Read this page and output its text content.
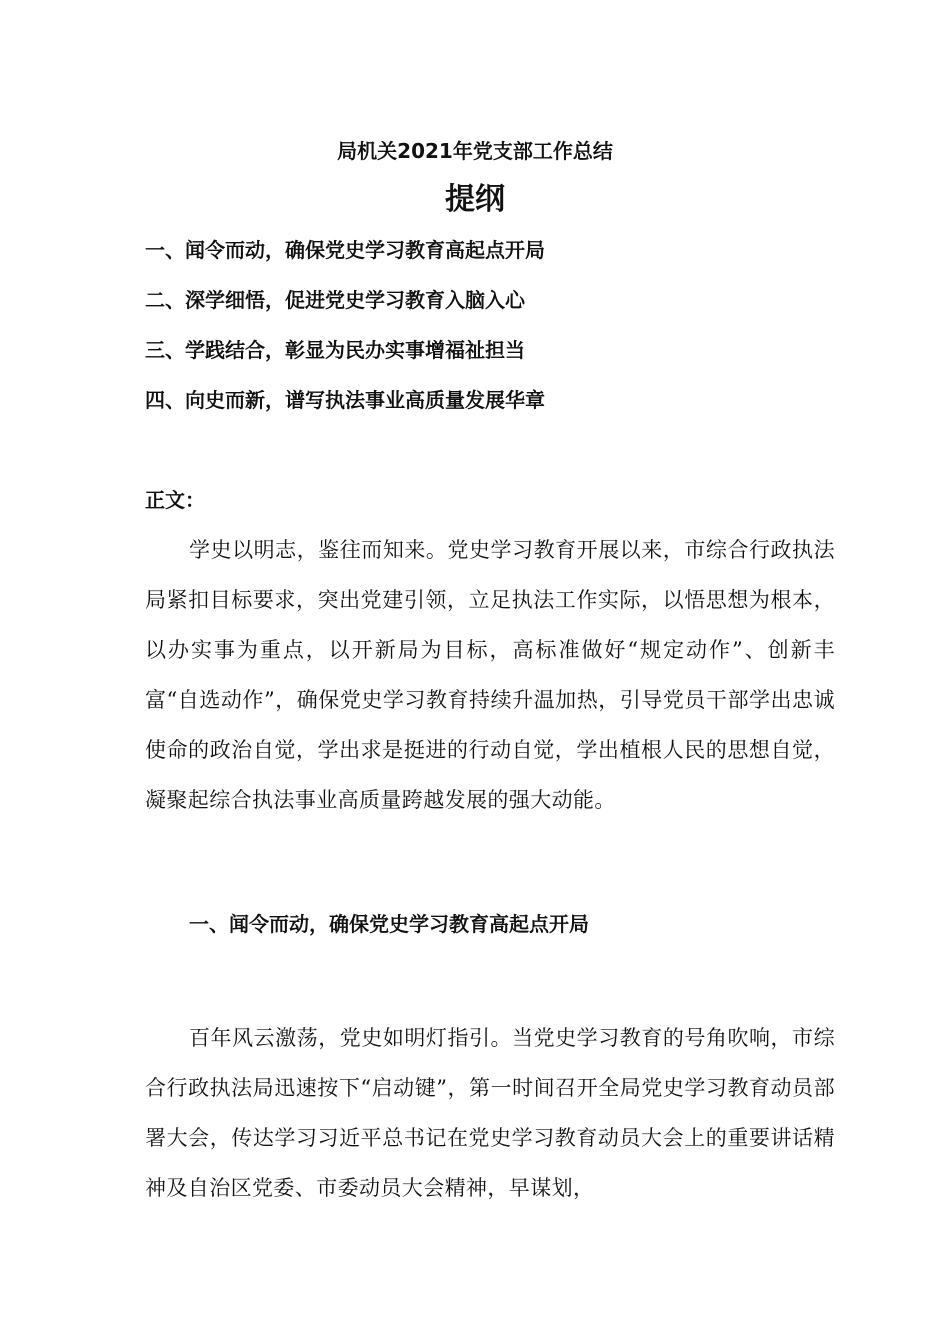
局机关2021年党支部工作总结
提纲
一、闻令而动，确保党史学习教育高起点开局
二、深学细悟，促进党史学习教育入脑入心
三、学践结合，彰显为民办实事增福祉担当
四、向史而新，谱写执法事业高质量发展华章
正文：

学史以明志，鉴往而知来。党史学习教育开展以来，市综合行政执法局紧扣目标要求，突出党建引领，立足执法工作实际，以悟思想为根本，以办实事为重点，以开新局为目标，高标准做好“规定动作”、创新丰富“自选动作”，确保党史学习教育持续升温加热，引导党员干部学出忠诚使命的政治自觉，学出求是挺进的行动自觉，学出植根人民的思想自觉，凝聚起综合执法事业高质量跨越发展的强大动能。

一、闻令而动，确保党史学习教育高起点开局

百年风云激荡，党史如明灯指引。当党史学习教育的号角吹响，市综合行政执法局迅速按下“启动键”，第一时间召开全局党史学习教育动员部署大会，传达学习习近平总书记在党史学习教育动员大会上的重要讲话精神及自治区党委、市委动员大会精神，早谋划，
